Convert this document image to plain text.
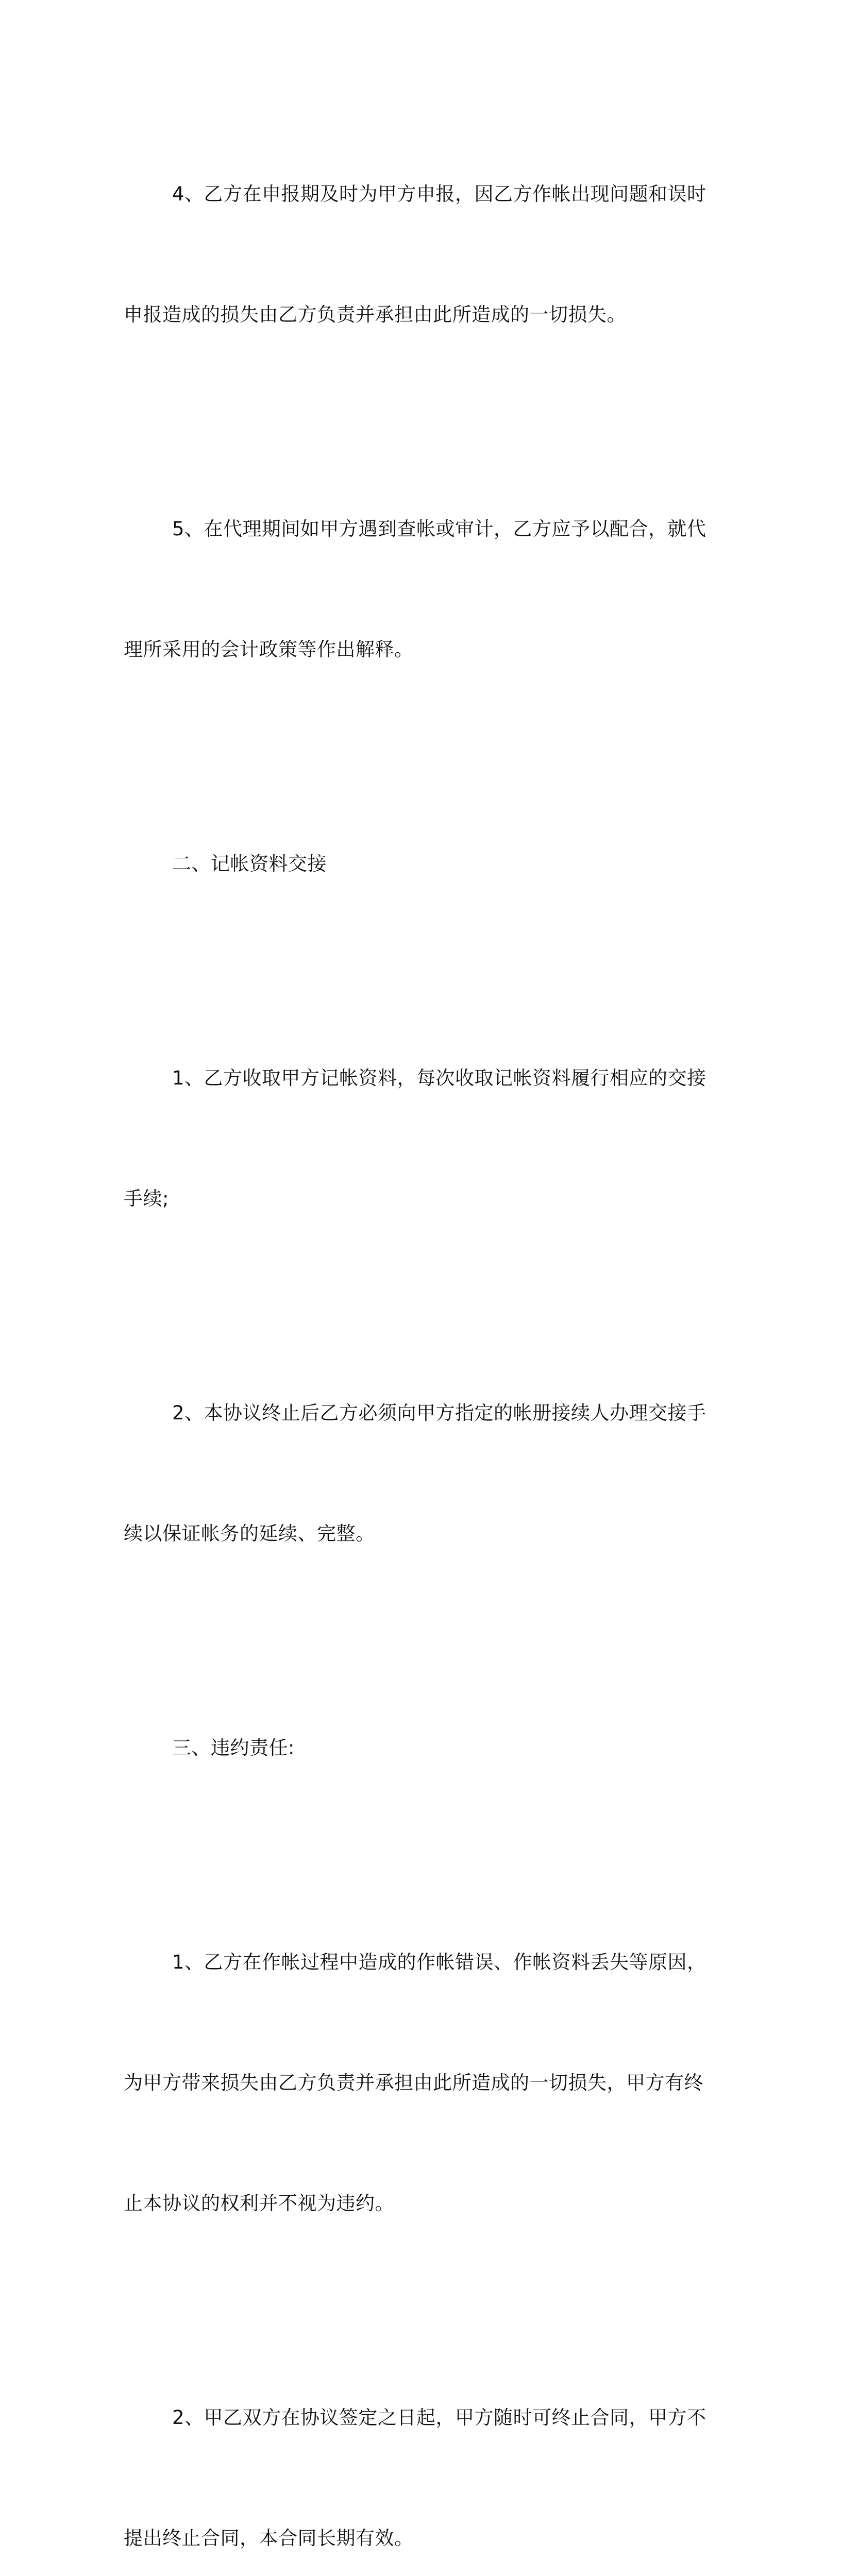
4、乙方在申报期及时为甲方申报，因乙方作帐出现问题和误时

申报造成的损失由乙方负责并承担由此所造成的一切损失。

5、在代理期间如甲方遇到查帐或审计，乙方应予以配合，就代

理所采用的会计政策等作出解释。

二、记帐资料交接

1、乙方收取甲方记帐资料，每次收取记帐资料履行相应的交接

手续;

2、本协议终止后乙方必须向甲方指定的帐册接续人办理交接手

续以保证帐务的延续、完整。

三、违约责任:

1、乙方在作帐过程中造成的作帐错误、作帐资料丢失等原因，

为甲方带来损失由乙方负责并承担由此所造成的一切损失，甲方有终

止本协议的权利并不视为违约。

2、甲乙双方在协议签定之日起，甲方随时可终止合同，甲方不

提出终止合同，本合同长期有效。
